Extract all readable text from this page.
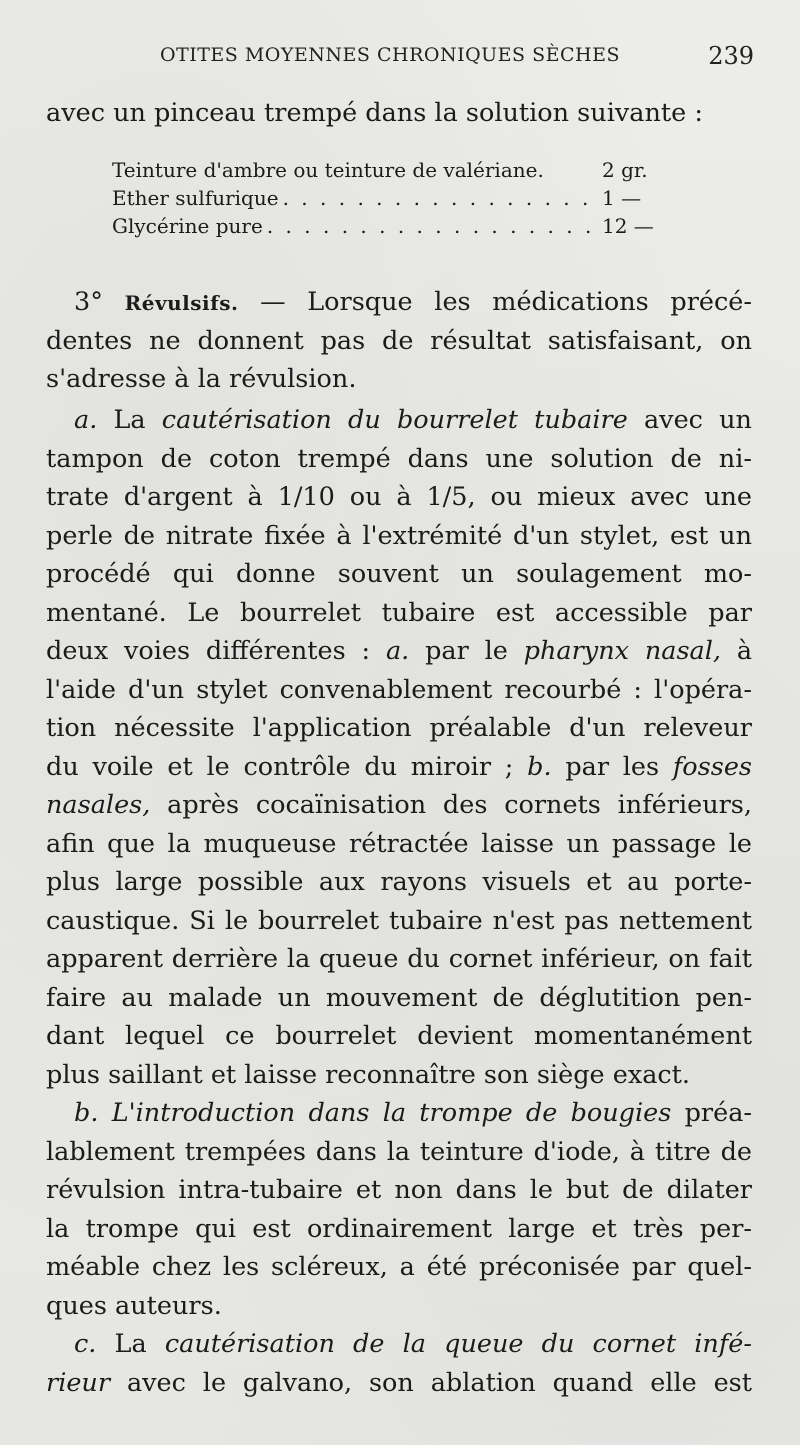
OTITES MOYENNES CHRONIQUES SÈCHES	239
avec un pinceau trempé dans la solution suivante :
Teinture d'ambre ou teinture de valériane.	2 gr.
Ether sulfurique . . .	1 —
Glycérine pure . . .	12 —
3° Révulsifs. — Lorsque les médications précé-
dentes ne donnent pas de résultat satisfaisant, on
s'adresse à la révulsion.
a. La cautérisation du bourrelet tubaire avec un
tampon de coton trempé dans une solution de ni-
trate d'argent à 1/10 ou à 1/5, ou mieux avec une
perle de nitrate fixée à l'extrémité d'un stylet, est un
procédé qui donne souvent un soulagement mo-
mentané. Le bourrelet tubaire est accessible par
deux voies différentes : a. par le pharynx nasal, à
l'aide d'un stylet convenablement recourbé : l'opéra-
tion nécessite l'application préalable d'un releveur
du voile et le contrôle du miroir ; b. par les fosses
nasales, après cocaïnisation des cornets inférieurs,
afin que la muqueuse rétractée laisse un passage le
plus large possible aux rayons visuels et au porte-
caustique. Si le bourrelet tubaire n'est pas nettement
apparent derrière la queue du cornet inférieur, on fait
faire au malade un mouvement de déglutition pen-
dant lequel ce bourrelet devient momentanément
plus saillant et laisse reconnaître son siège exact.
b. L'introduction dans la trompe de bougies préa-
lablement trempées dans la teinture d'iode, à titre de
révulsion intra-tubaire et non dans le but de dilater
la trompe qui est ordinairement large et très per-
méable chez les scléreux, a été préconisée par quel-
ques auteurs.
c. La cautérisation de la queue du cornet infé-
rieur avec le galvano, son ablation quand elle est
